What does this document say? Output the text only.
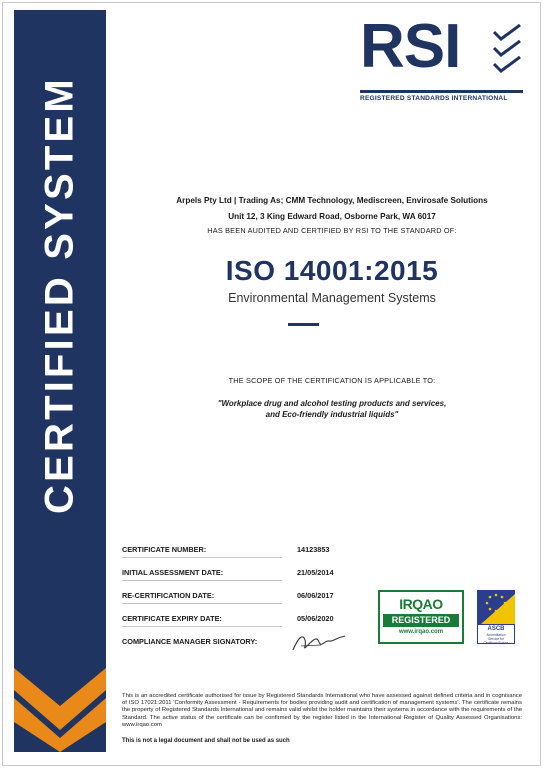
CERTIFIED SYSTEM
RSI
REGISTERED STANDARDS INTERNATIONAL
Arpels Pty Ltd | Trading As; CMM Technology, Mediscreen, Envirosafe Solutions
Unit 12, 3 King Edward Road, Osborne Park, WA 6017
HAS BEEN AUDITED AND CERTIFIED BY RSI TO THE STANDARD OF:
ISO 14001:2015
Environmental Management Systems
THE SCOPE OF THE CERTIFICATION IS APPLICABLE TO:
"Workplace drug and alcohol testing products and services,
and Eco-friendly industrial liquids"
CERTIFICATE NUMBER:	14123853
INITIAL ASSESSMENT DATE:	21/05/2014
RE-CERTIFICATION DATE:	06/06/2017
CERTIFICATE EXPIRY DATE:	05/06/2020
COMPLIANCE MANAGER SIGNATORY:
IRQAO
REGISTERED
www.irqao.com	ASCB
Accreditation
Service for
Certifying Bodies
This is an accredited certificate authorised for issue by Registered Standards International who have assessed against defined criteria and in cognisance of ISO 17021:2011 'Conformity Assessment - Requirements for bodies providing audit and certification of management systems'. The certificate remains the property of Registered Standards International and remains valid whilst the holder maintains their systems in accordance with the requirements of the Standard. The active status of the certificate can be confirmed by the register listed in the International Register of Quality Assessed Organisations: www.irqao.com
This is not a legal document and shall not be used as such
